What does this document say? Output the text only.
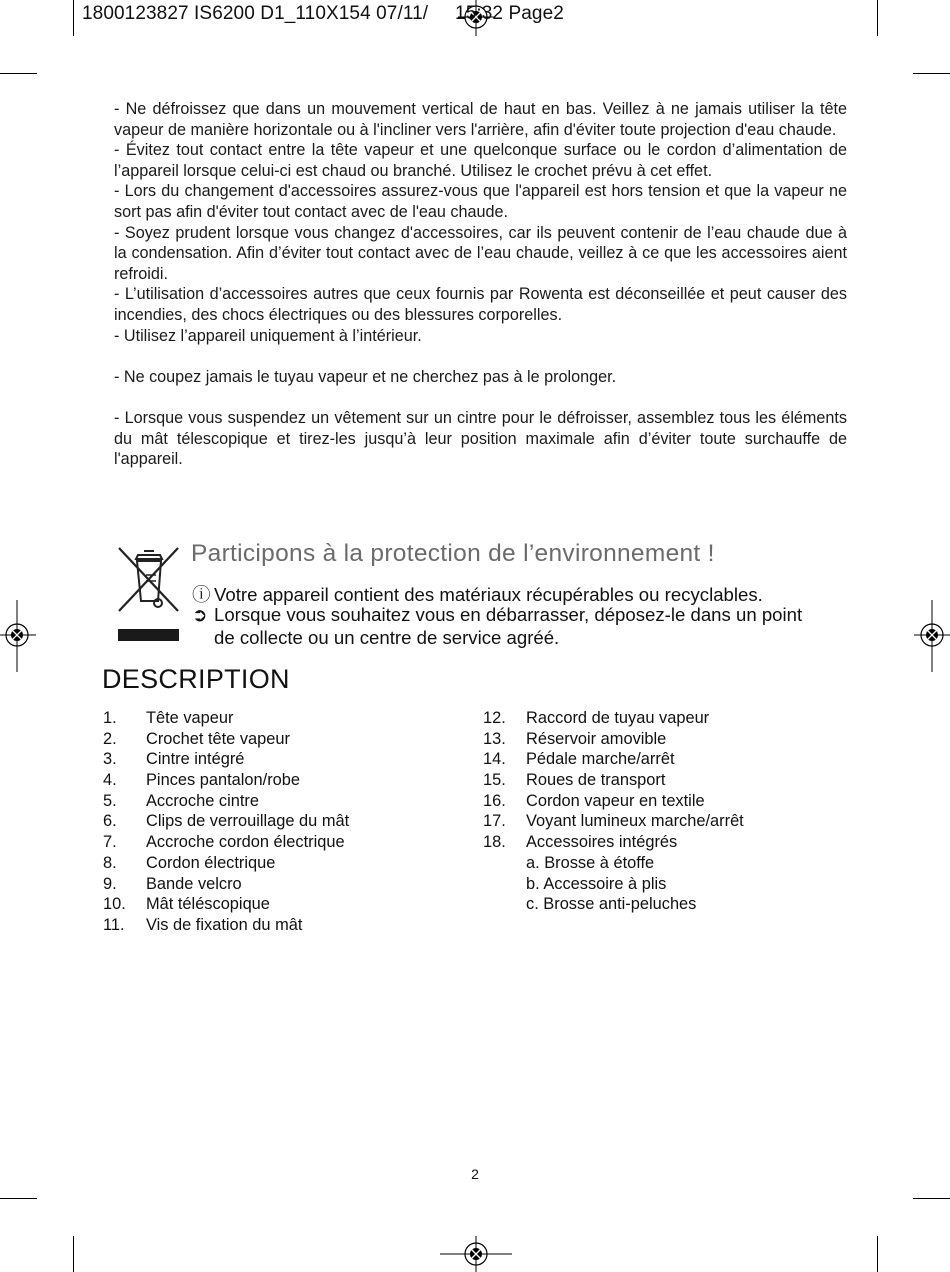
1800123827 IS6200 D1_110X154 07/11/     15:32 Page2
- Ne défroissez que dans un mouvement vertical de haut en bas. Veillez à ne jamais utiliser la tête vapeur de manière horizontale ou à l'incliner vers l'arrière, afin d'éviter toute projection d'eau chaude.
- Évitez tout contact entre la tête vapeur et une quelconque surface ou le cordon d’alimentation de l’appareil lorsque celui-ci est chaud ou branché. Utilisez le crochet prévu à cet effet.
- Lors du changement d'accessoires assurez-vous que l'appareil est hors tension et que la vapeur ne sort pas afin d'éviter tout contact avec de l'eau chaude.
- Soyez prudent lorsque vous changez d'accessoires, car ils peuvent contenir de l’eau chaude due à la condensation. Afin d’éviter tout contact avec de l’eau chaude, veillez à ce que les accessoires aient refroidi.
- L’utilisation d’accessoires autres que ceux fournis par Rowenta est déconseillée et peut causer des incendies, des chocs électriques ou des blessures corporelles.
- Utilisez l’appareil uniquement à l’intérieur.
- Ne coupez jamais le tuyau vapeur et ne cherchez pas à le prolonger.
- Lorsque vous suspendez un vêtement sur un cintre pour le défroisser, assemblez tous les éléments du mât télescopique et tirez-les jusqu’à leur position maximale afin d’éviter toute surchauffe de l'appareil.
Participons à la protection de l’environnement !
ⓘ Votre appareil contient des matériaux récupérables ou recyclables.
➲ Lorsque vous souhaitez vous en débarrasser, déposez-le dans un point
de collecte ou un centre de service agréé.
DESCRIPTION
1. Tête vapeur
2. Crochet tête vapeur
3. Cintre intégré
4. Pinces pantalon/robe
5. Accroche cintre
6. Clips de verrouillage du mât
7. Accroche cordon électrique
8. Cordon électrique
9. Bande velcro
10. Mât téléscopique
11. Vis de fixation du mât
12. Raccord de tuyau vapeur
13. Réservoir amovible
14. Pédale marche/arrêt
15. Roues de transport
16. Cordon vapeur en textile
17. Voyant lumineux marche/arrêt
18. Accessoires intégrés
a. Brosse à étoffe
b. Accessoire à plis
c. Brosse anti-peluches
2
